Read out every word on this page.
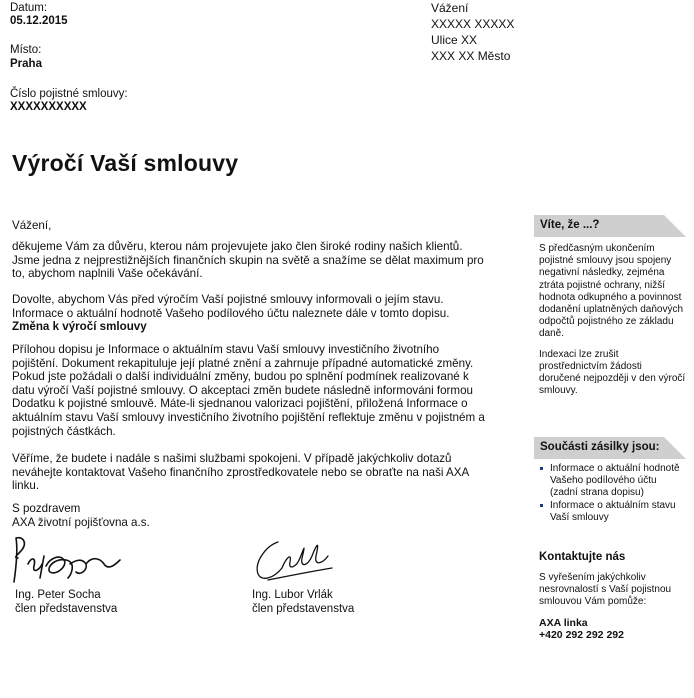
Datum:
05.12.2015
Místo:
Praha
Číslo pojistné smlouvy:
XXXXXXXXXX
Vážení
XXXXX XXXXX
Ulice XX
XXX XX Město
Výročí Vaší smlouvy
Vážení,

děkujeme Vám za důvěru, kterou nám projevujete jako člen široké rodiny našich klientů. Jsme jedna z nejprestižnějších finančních skupin na světě a snažíme se dělat maximum pro to, abychom naplnili Vaše očekávání.

Dovolte, abychom Vás před výročím Vaší pojistné smlouvy informovali o jejím stavu. Informace o aktuální hodnotě Vašeho podílového účtu naleznete dále v tomto dopisu.

Změna k výročí smlouvy

Přílohou dopisu je Informace o aktuálním stavu Vaší smlouvy investičního životního pojištění. Dokument rekapituluje její platné znění a zahrnuje případné automatické změny. Pokud jste požádali o další individuální změny, budou po splnění podmínek realizované k datu výročí Vaší pojistné smlouvy. O akceptaci změn budete následně informováni formou Dodatku k pojistné smlouvě. Máte-li sjednanou valorizaci pojištění, přiložená Informace o aktuálním stavu Vaší smlouvy investičního životního pojištění reflektuje změnu v pojistném a pojistných částkách.

Věříme, že budete i nadále s našimi službami spokojeni. V případě jakýchkoliv dotazů neváhejte kontaktovat Vašeho finančního zprostředkovatele nebo se obraťte na naši AXA linku.

S pozdravem

AXA životní pojišťovna a.s.

Ing. Peter Socha
člen představenstva
Ing. Lubor Vrlák
člen představenstva
Víte, že ...?

S předčasným ukončením pojistné smlouvy jsou spojeny negativní následky, zejména ztráta pojistné ochrany, nižší hodnota odkupného a povinnost dodanění uplatněných daňových odpočtů pojistného ze základu daně.

Indexaci lze zrušit prostřednictvím žádosti doručené nejpozději v den výročí smlouvy.

Součásti zásilky jsou:
Informace o aktuální hodnotě Vašeho podílového účtu (zadní strana dopisu)
Informace o aktuálním stavu Vaší smlouvy
Kontaktujte nás
S vyřešením jakýchkoliv nesrovnalostí s Vaší pojistnou smlouvou Vám pomůže:
AXA linka
+420 292 292 292
